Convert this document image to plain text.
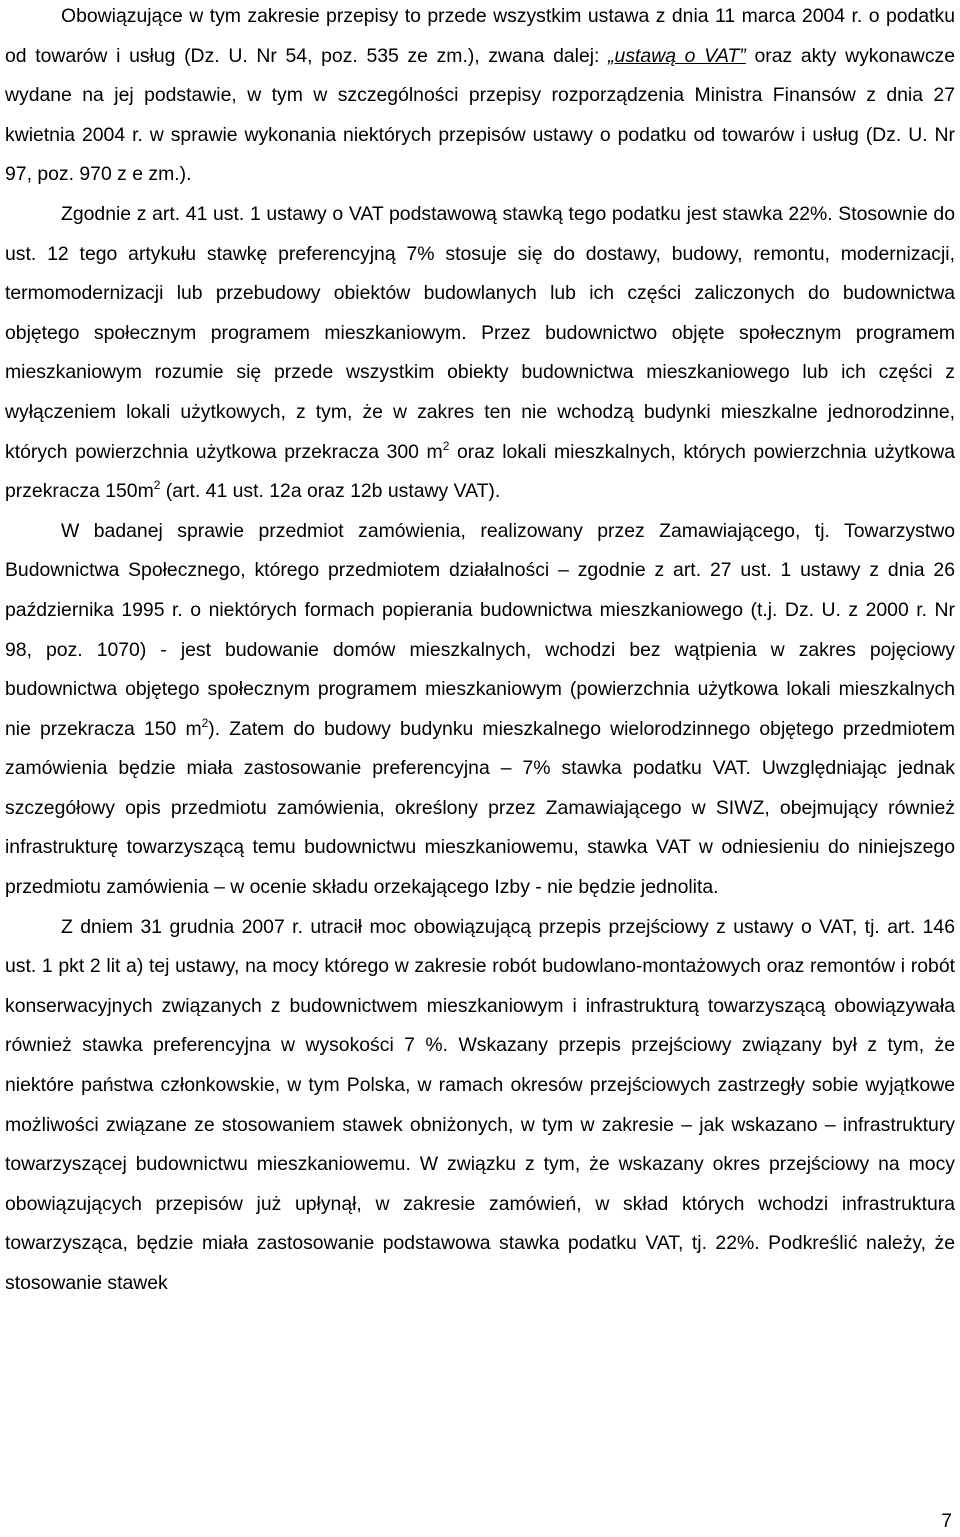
Obowiązujące w tym zakresie przepisy to przede wszystkim ustawa z dnia 11 marca 2004 r. o podatku od towarów i usług (Dz. U. Nr 54, poz. 535 ze zm.), zwana dalej: „ustawą o VAT” oraz akty wykonawcze wydane na jej podstawie, w tym w szczególności przepisy rozporządzenia Ministra Finansów z dnia 27 kwietnia 2004 r. w sprawie wykonania niektórych przepisów ustawy o podatku od towarów i usług (Dz. U. Nr 97, poz. 970 z e zm.).

Zgodnie z art. 41 ust. 1 ustawy o VAT podstawową stawką tego podatku jest stawka 22%. Stosownie do ust. 12 tego artykułu stawkę preferencyjną 7% stosuje się do dostawy, budowy, remontu, modernizacji, termomodernizacji lub przebudowy obiektów budowlanych lub ich części zaliczonych do budownictwa objętego społecznym programem mieszkaniowym. Przez budownictwo objęte społecznym programem mieszkaniowym rozumie się przede wszystkim obiekty budownictwa mieszkaniowego lub ich części z wyłączeniem lokali użytkowych, z tym, że w zakres ten nie wchodzą budynki mieszkalne jednorodzinne, których powierzchnia użytkowa przekracza 300 $m^2$ oraz lokali mieszkalnych, których powierzchnia użytkowa przekracza $150m^2$ (art. 41 ust. 12a oraz 12b ustawy VAT).

W badanej sprawie przedmiot zamówienia, realizowany przez Zamawiającego, tj. Towarzystwo Budownictwa Społecznego, którego przedmiotem działalności – zgodnie z art. 27 ust. 1 ustawy z dnia 26 października 1995 r. o niektórych formach popierania budownictwa mieszkaniowego (t.j. Dz. U. z 2000 r. Nr 98, poz. 1070) - jest budowanie domów mieszkalnych, wchodzi bez wątpienia w zakres pojęciowy budownictwa objętego społecznym programem mieszkaniowym (powierzchnia użytkowa lokali mieszkalnych nie przekracza 150 $m^2$). Zatem do budowy budynku mieszkalnego wielorodzinnego objętego przedmiotem zamówienia będzie miała zastosowanie preferencyjna – 7% stawka podatku VAT. Uwzględniając jednak szczegółowy opis przedmiotu zamówienia, określony przez Zamawiającego w SIWZ, obejmujący również infrastrukturę towarzyszącą temu budownictwu mieszkaniowemu, stawka VAT w odniesieniu do niniejszego przedmiotu zamówienia – w ocenie składu orzekającego Izby - nie będzie jednolita.

Z dniem 31 grudnia 2007 r. utracił moc obowiązującą przepis przejściowy z ustawy o VAT, tj. art. 146 ust. 1 pkt 2 lit a) tej ustawy, na mocy którego w zakresie robót budowlano-montażowych oraz remontów i robót konserwacyjnych związanych z budownictwem mieszkaniowym i infrastrukturą towarzyszącą obowiązywała również stawka preferencyjna w wysokości 7 %. Wskazany przepis przejściowy związany był z tym, że niektóre państwa członkowskie, w tym Polska, w ramach okresów przejściowych zastrzegły sobie wyjątkowe możliwości związane ze stosowaniem stawek obniżonych, w tym w zakresie – jak wskazano – infrastruktury towarzyszącej budownictwu mieszkaniowemu. W związku z tym, że wskazany okres przejściowy na mocy obowiązujących przepisów już upłynął, w zakresie zamówień, w skład których wchodzi infrastruktura towarzysząca, będzie miała zastosowanie podstawowa stawka podatku VAT, tj. 22%. Podkreślić należy, że stosowanie stawek

7
